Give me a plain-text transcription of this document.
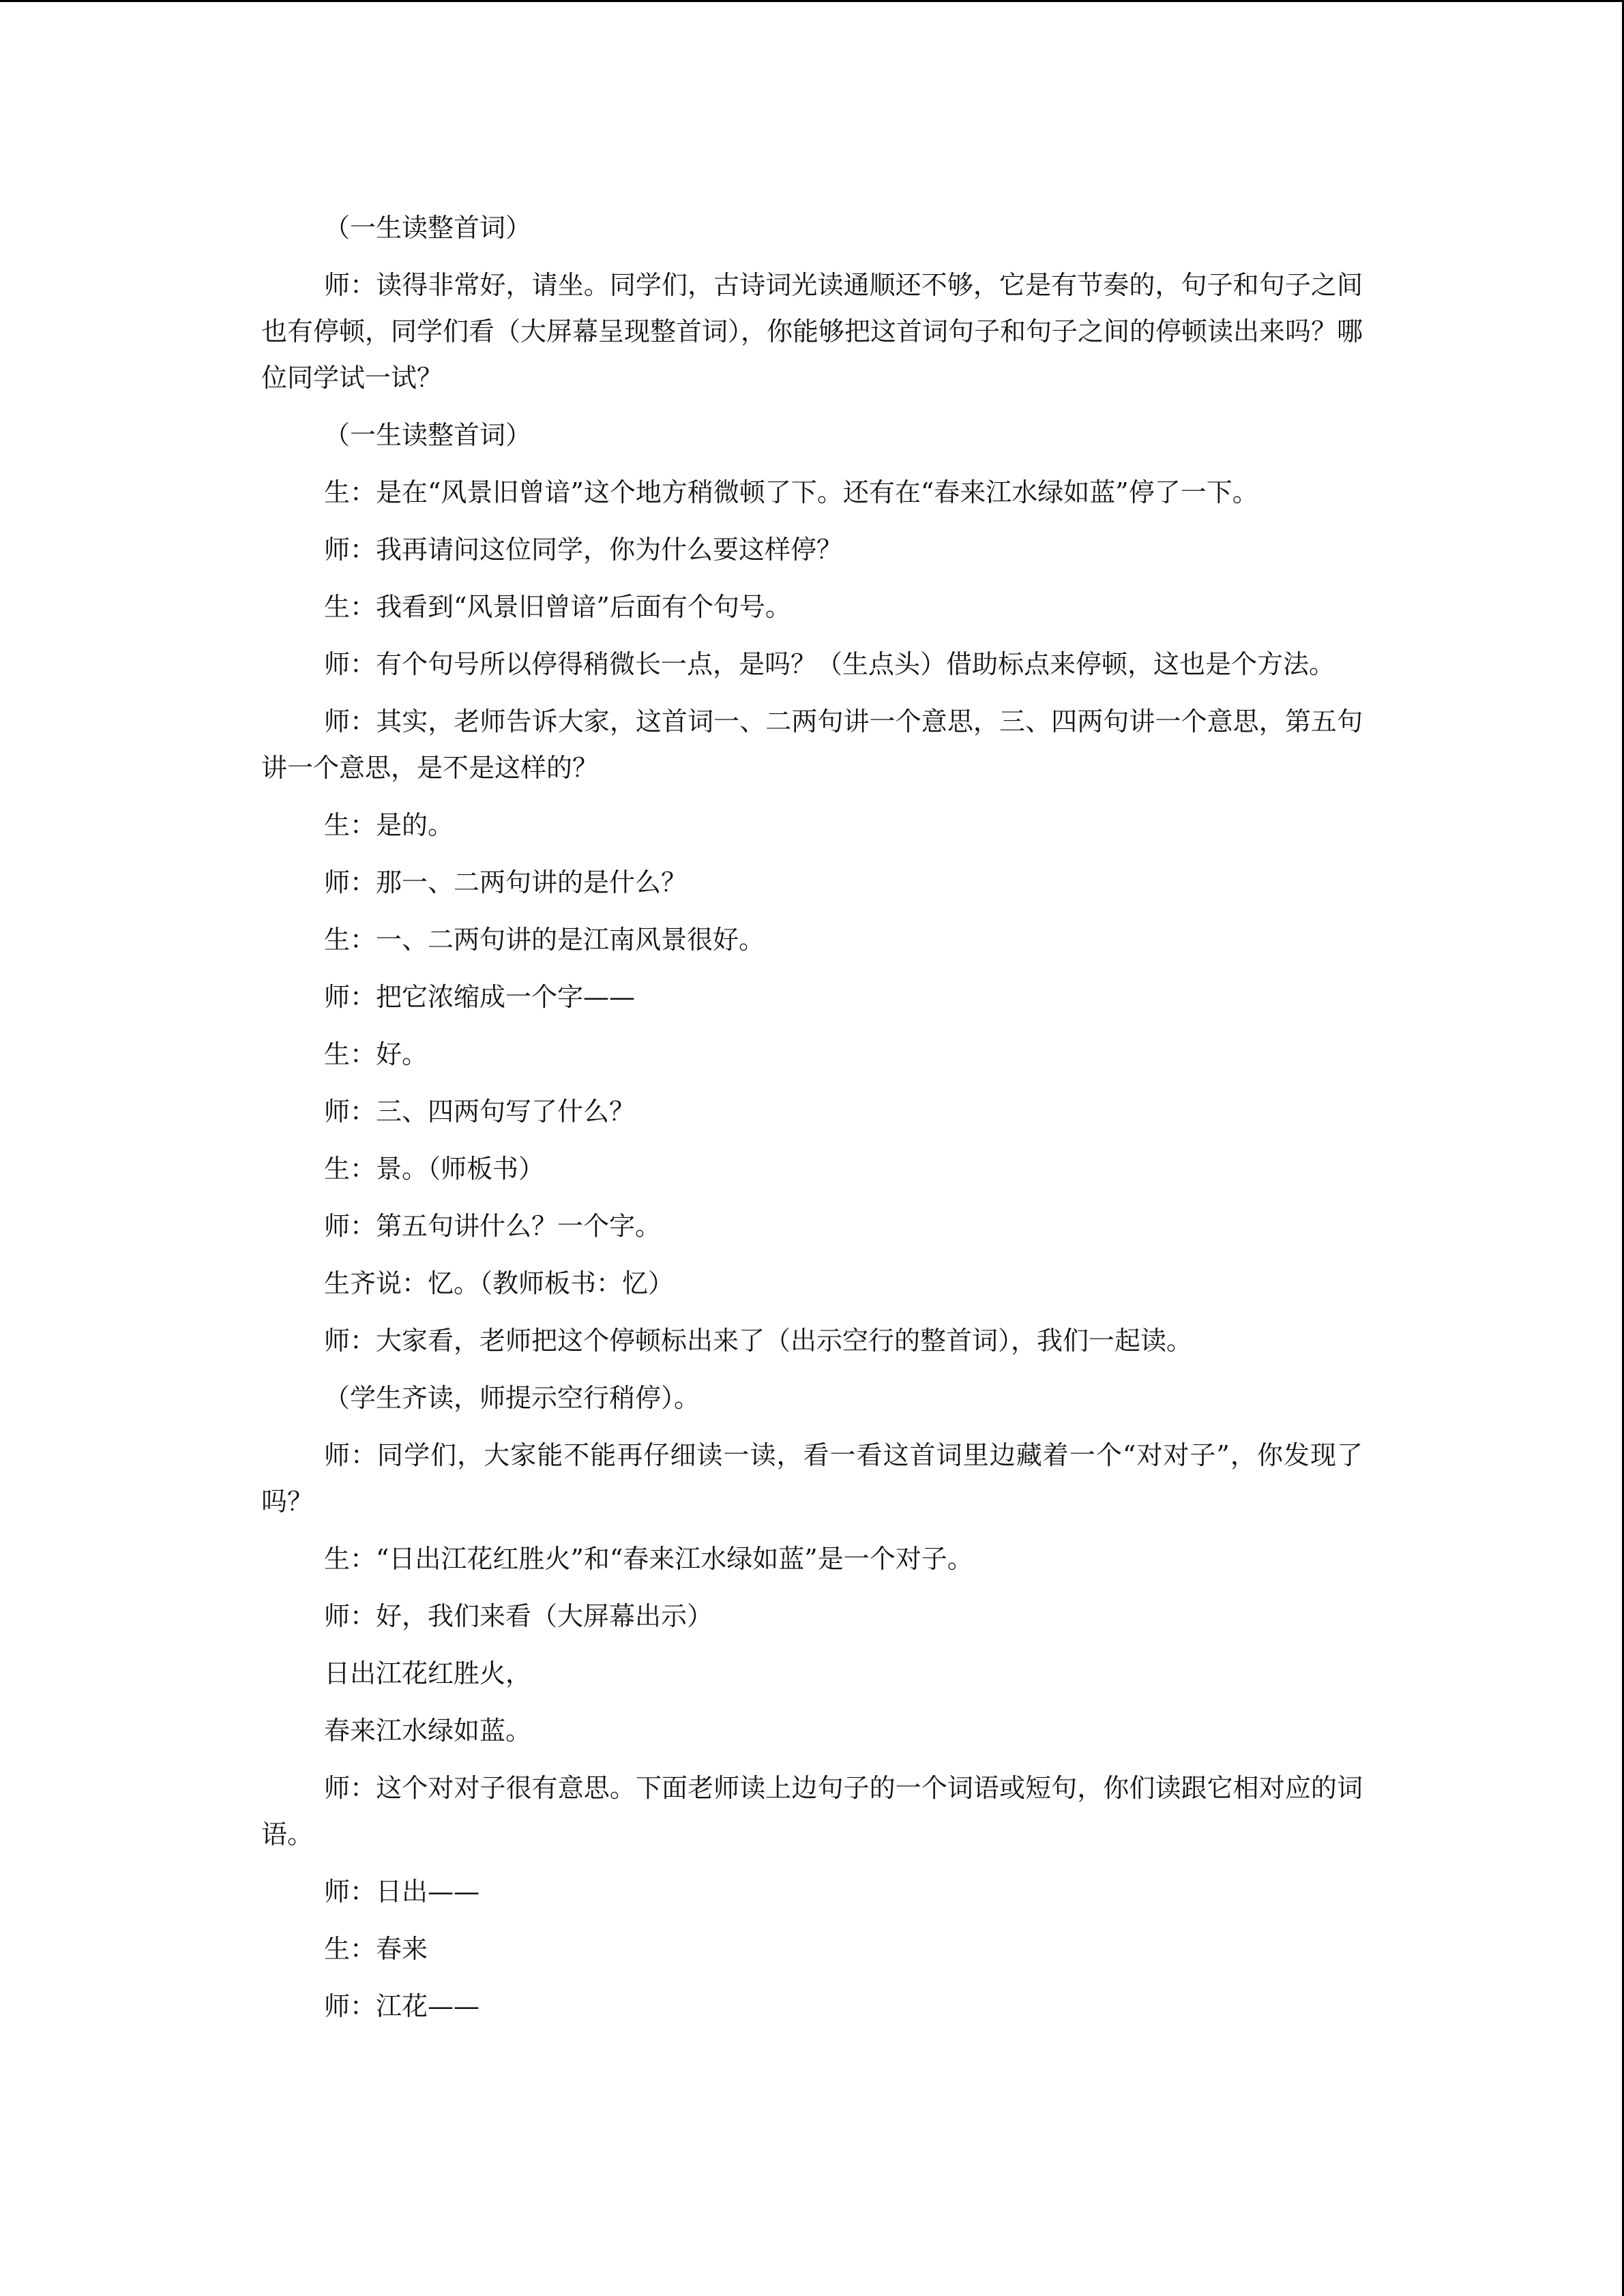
（一生读整首词）

师：读得非常好，请坐。同学们，古诗词光读通顺还不够，它是有节奏的，句子和句子之间也有停顿，同学们看（大屏幕呈现整首词），你能够把这首词句子和句子之间的停顿读出来吗？哪位同学试一试？

（一生读整首词）

生：是在“风景旧曾谙”这个地方稍微顿了下。还有在“春来江水绿如蓝”停了一下。

师：我再请问这位同学，你为什么要这样停？

生：我看到“风景旧曾谙”后面有个句号。

师：有个句号所以停得稍微长一点，是吗？（生点头）借助标点来停顿，这也是个方法。

师：其实，老师告诉大家，这首词一、二两句讲一个意思，三、四两句讲一个意思，第五句讲一个意思，是不是这样的？

生：是的。

师：那一、二两句讲的是什么？

生：一、二两句讲的是江南风景很好。

师：把它浓缩成一个字——

生：好。

师：三、四两句写了什么？

生：景。（师板书）

师：第五句讲什么？一个字。

生齐说：忆。（教师板书：忆）

师：大家看，老师把这个停顿标出来了（出示空行的整首词），我们一起读。

（学生齐读，师提示空行稍停）。

师：同学们，大家能不能再仔细读一读，看一看这首词里边藏着一个“对对子”，你发现了吗？

生：“日出江花红胜火”和“春来江水绿如蓝”是一个对子。

师：好，我们来看（大屏幕出示）

日出江花红胜火，

春来江水绿如蓝。

师：这个对对子很有意思。下面老师读上边句子的一个词语或短句，你们读跟它相对应的词语。

师：日出——

生：春来

师：江花——
